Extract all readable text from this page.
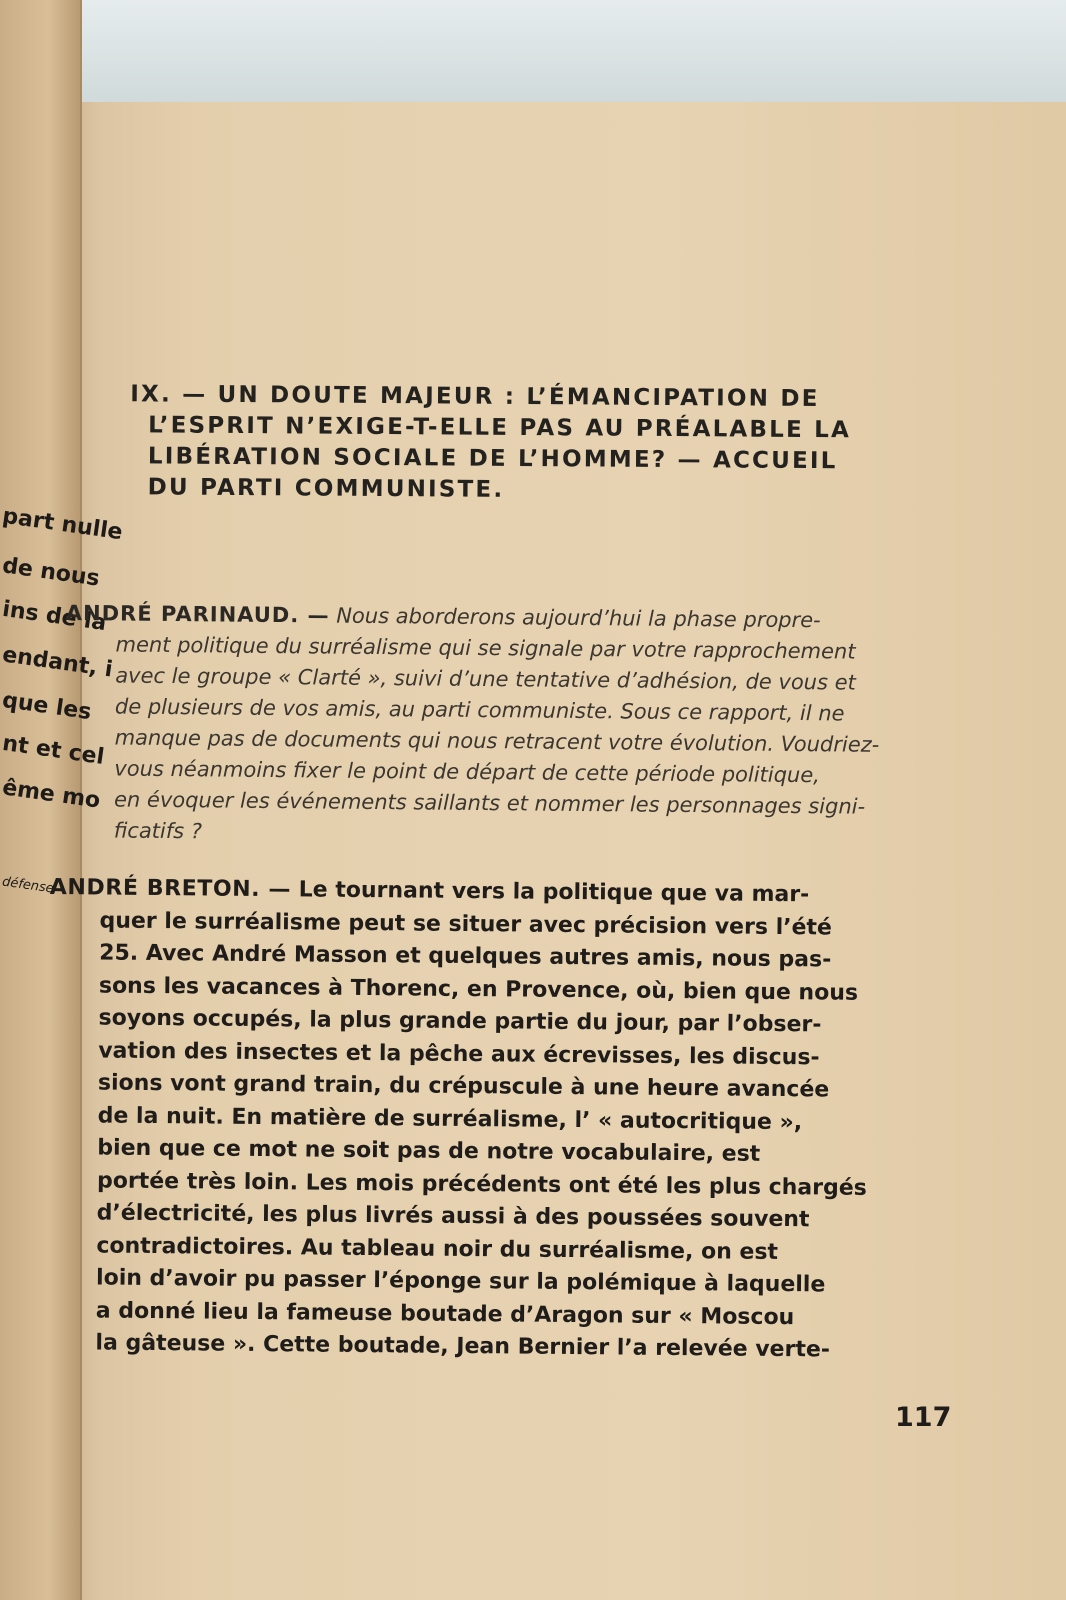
part nulle
de nous
ins de la
endant, i
que les
nt et cel
ême mo
défense
IX. — UN DOUTE MAJEUR : L’ÉMANCIPATION DE
L’ESPRIT N’EXIGE-T-ELLE PAS AU PRÉALABLE LA
LIBÉRATION SOCIALE DE L’HOMME? — ACCUEIL
DU PARTI COMMUNISTE.

ANDRÉ PARINAUD. — Nous aborderons aujourd’hui la phase propre-
ment politique du surréalisme qui se signale par votre rapprochement
avec le groupe « Clarté », suivi d’une tentative d’adhésion, de vous et
de plusieurs de vos amis, au parti communiste. Sous ce rapport, il ne
manque pas de documents qui nous retracent votre évolution. Voudriez-
vous néanmoins fixer le point de départ de cette période politique,
en évoquer les événements saillants et nommer les personnages signi-
ficatifs ?

ANDRÉ BRETON. — Le tournant vers la politique que va mar-
quer le surréalisme peut se situer avec précision vers l’été
25. Avec André Masson et quelques autres amis, nous pas-
sons les vacances à Thorenc, en Provence, où, bien que nous
soyons occupés, la plus grande partie du jour, par l’obser-
vation des insectes et la pêche aux écrevisses, les discus-
sions vont grand train, du crépuscule à une heure avancée
de la nuit. En matière de surréalisme, l’ « autocritique »,
bien que ce mot ne soit pas de notre vocabulaire, est
portée très loin. Les mois précédents ont été les plus chargés
d’électricité, les plus livrés aussi à des poussées souvent
contradictoires. Au tableau noir du surréalisme, on est
loin d’avoir pu passer l’éponge sur la polémique à laquelle
a donné lieu la fameuse boutade d’Aragon sur « Moscou
la gâteuse ». Cette boutade, Jean Bernier l’a relevée verte-

117
